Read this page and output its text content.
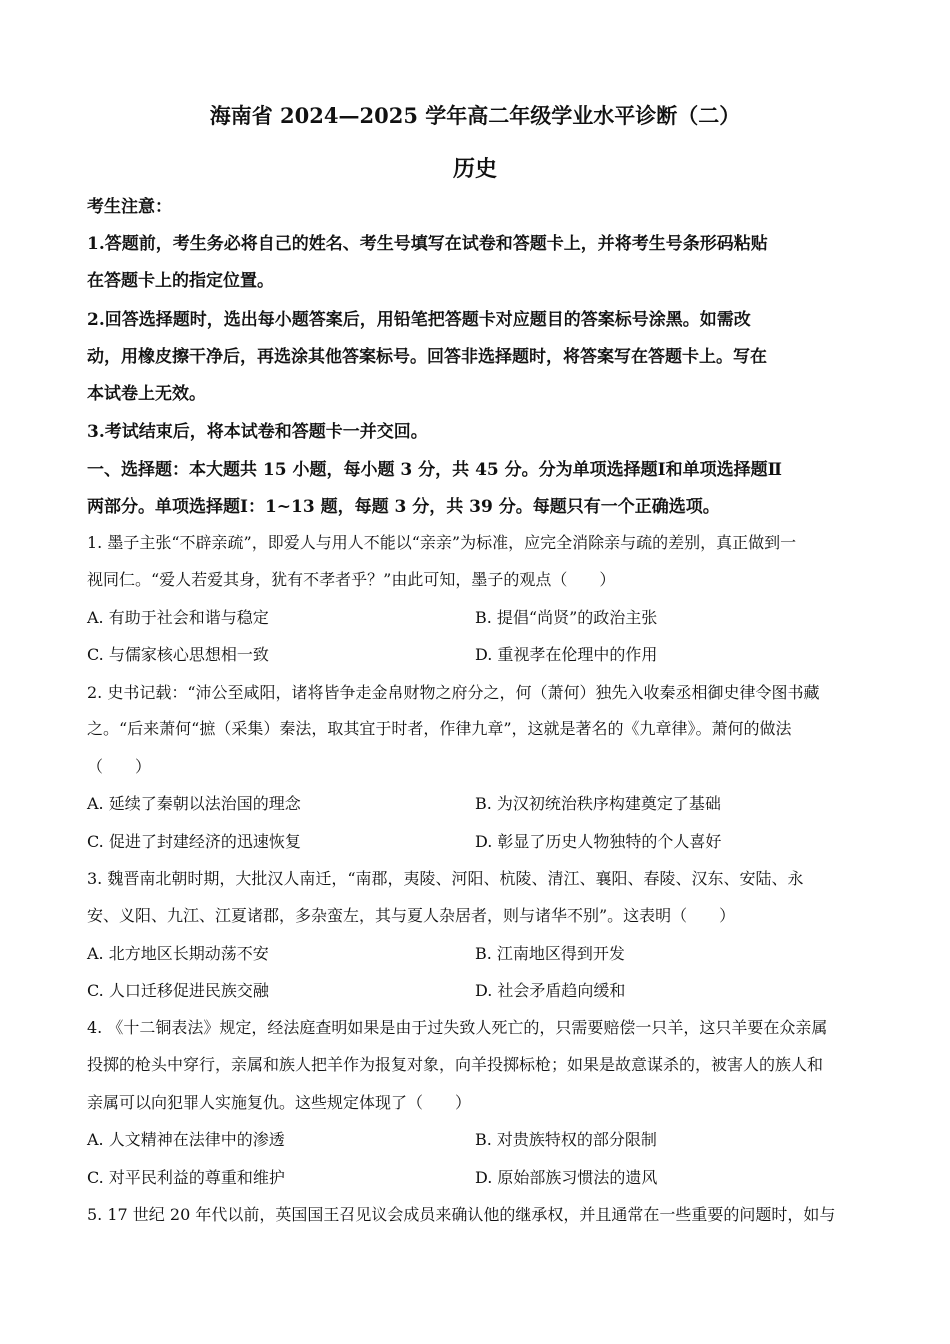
海南省 2024—2025 学年高二年级学业水平诊断（二）
历史
考生注意：
1.答题前，考生务必将自己的姓名、考生号填写在试卷和答题卡上，并将考生号条形码粘贴
在答题卡上的指定位置。
2.回答选择题时，选出每小题答案后，用铅笔把答题卡对应题目的答案标号涂黑。如需改
动，用橡皮擦干净后，再选涂其他答案标号。回答非选择题时，将答案写在答题卡上。写在
本试卷上无效。
3.考试结束后，将本试卷和答题卡一并交回。
一、选择题：本大题共 15 小题，每小题 3 分，共 45 分。分为单项选择题Ⅰ和单项选择题Ⅱ
两部分。单项选择题Ⅰ：1~13 题，每题 3 分，共 39 分。每题只有一个正确选项。
1. 墨子主张“不辟亲疏”，即爱人与用人不能以“亲亲”为标准，应完全消除亲与疏的差别，真正做到一
视同仁。“爱人若爱其身，犹有不孝者乎？”由此可知，墨子的观点（　　）
A. 有助于社会和谐与稳定	B. 提倡“尚贤”的政治主张
C. 与儒家核心思想相一致	D. 重视孝在伦理中的作用
2. 史书记载：“沛公至咸阳，诸将皆争走金帛财物之府分之，何（萧何）独先入收秦丞相御史律令图书藏
之。“后来萧何“摭（采集）秦法，取其宜于时者，作律九章”，这就是著名的《九章律》。萧何的做法
（　　）
A. 延续了秦朝以法治国的理念	B. 为汉初统治秩序构建奠定了基础
C. 促进了封建经济的迅速恢复	D. 彰显了历史人物独特的个人喜好
3. 魏晋南北朝时期，大批汉人南迁，“南郡，夷陵、河阳、杭陵、清江、襄阳、春陵、汉东、安陆、永
安、义阳、九江、江夏诸郡，多杂蛮左，其与夏人杂居者，则与诸华不别”。这表明（　　）
A. 北方地区长期动荡不安	B. 江南地区得到开发
C. 人口迁移促进民族交融	D. 社会矛盾趋向缓和
4. 《十二铜表法》规定，经法庭查明如果是由于过失致人死亡的，只需要赔偿一只羊，这只羊要在众亲属
投掷的枪头中穿行，亲属和族人把羊作为报复对象，向羊投掷标枪；如果是故意谋杀的，被害人的族人和
亲属可以向犯罪人实施复仇。这些规定体现了（　　）
A. 人文精神在法律中的渗透	B. 对贵族特权的部分限制
C. 对平民利益的尊重和维护	D. 原始部族习惯法的遗风
5. 17 世纪 20 年代以前，英国国王召见议会成员来确认他的继承权，并且通常在一些重要的问题时，如与
